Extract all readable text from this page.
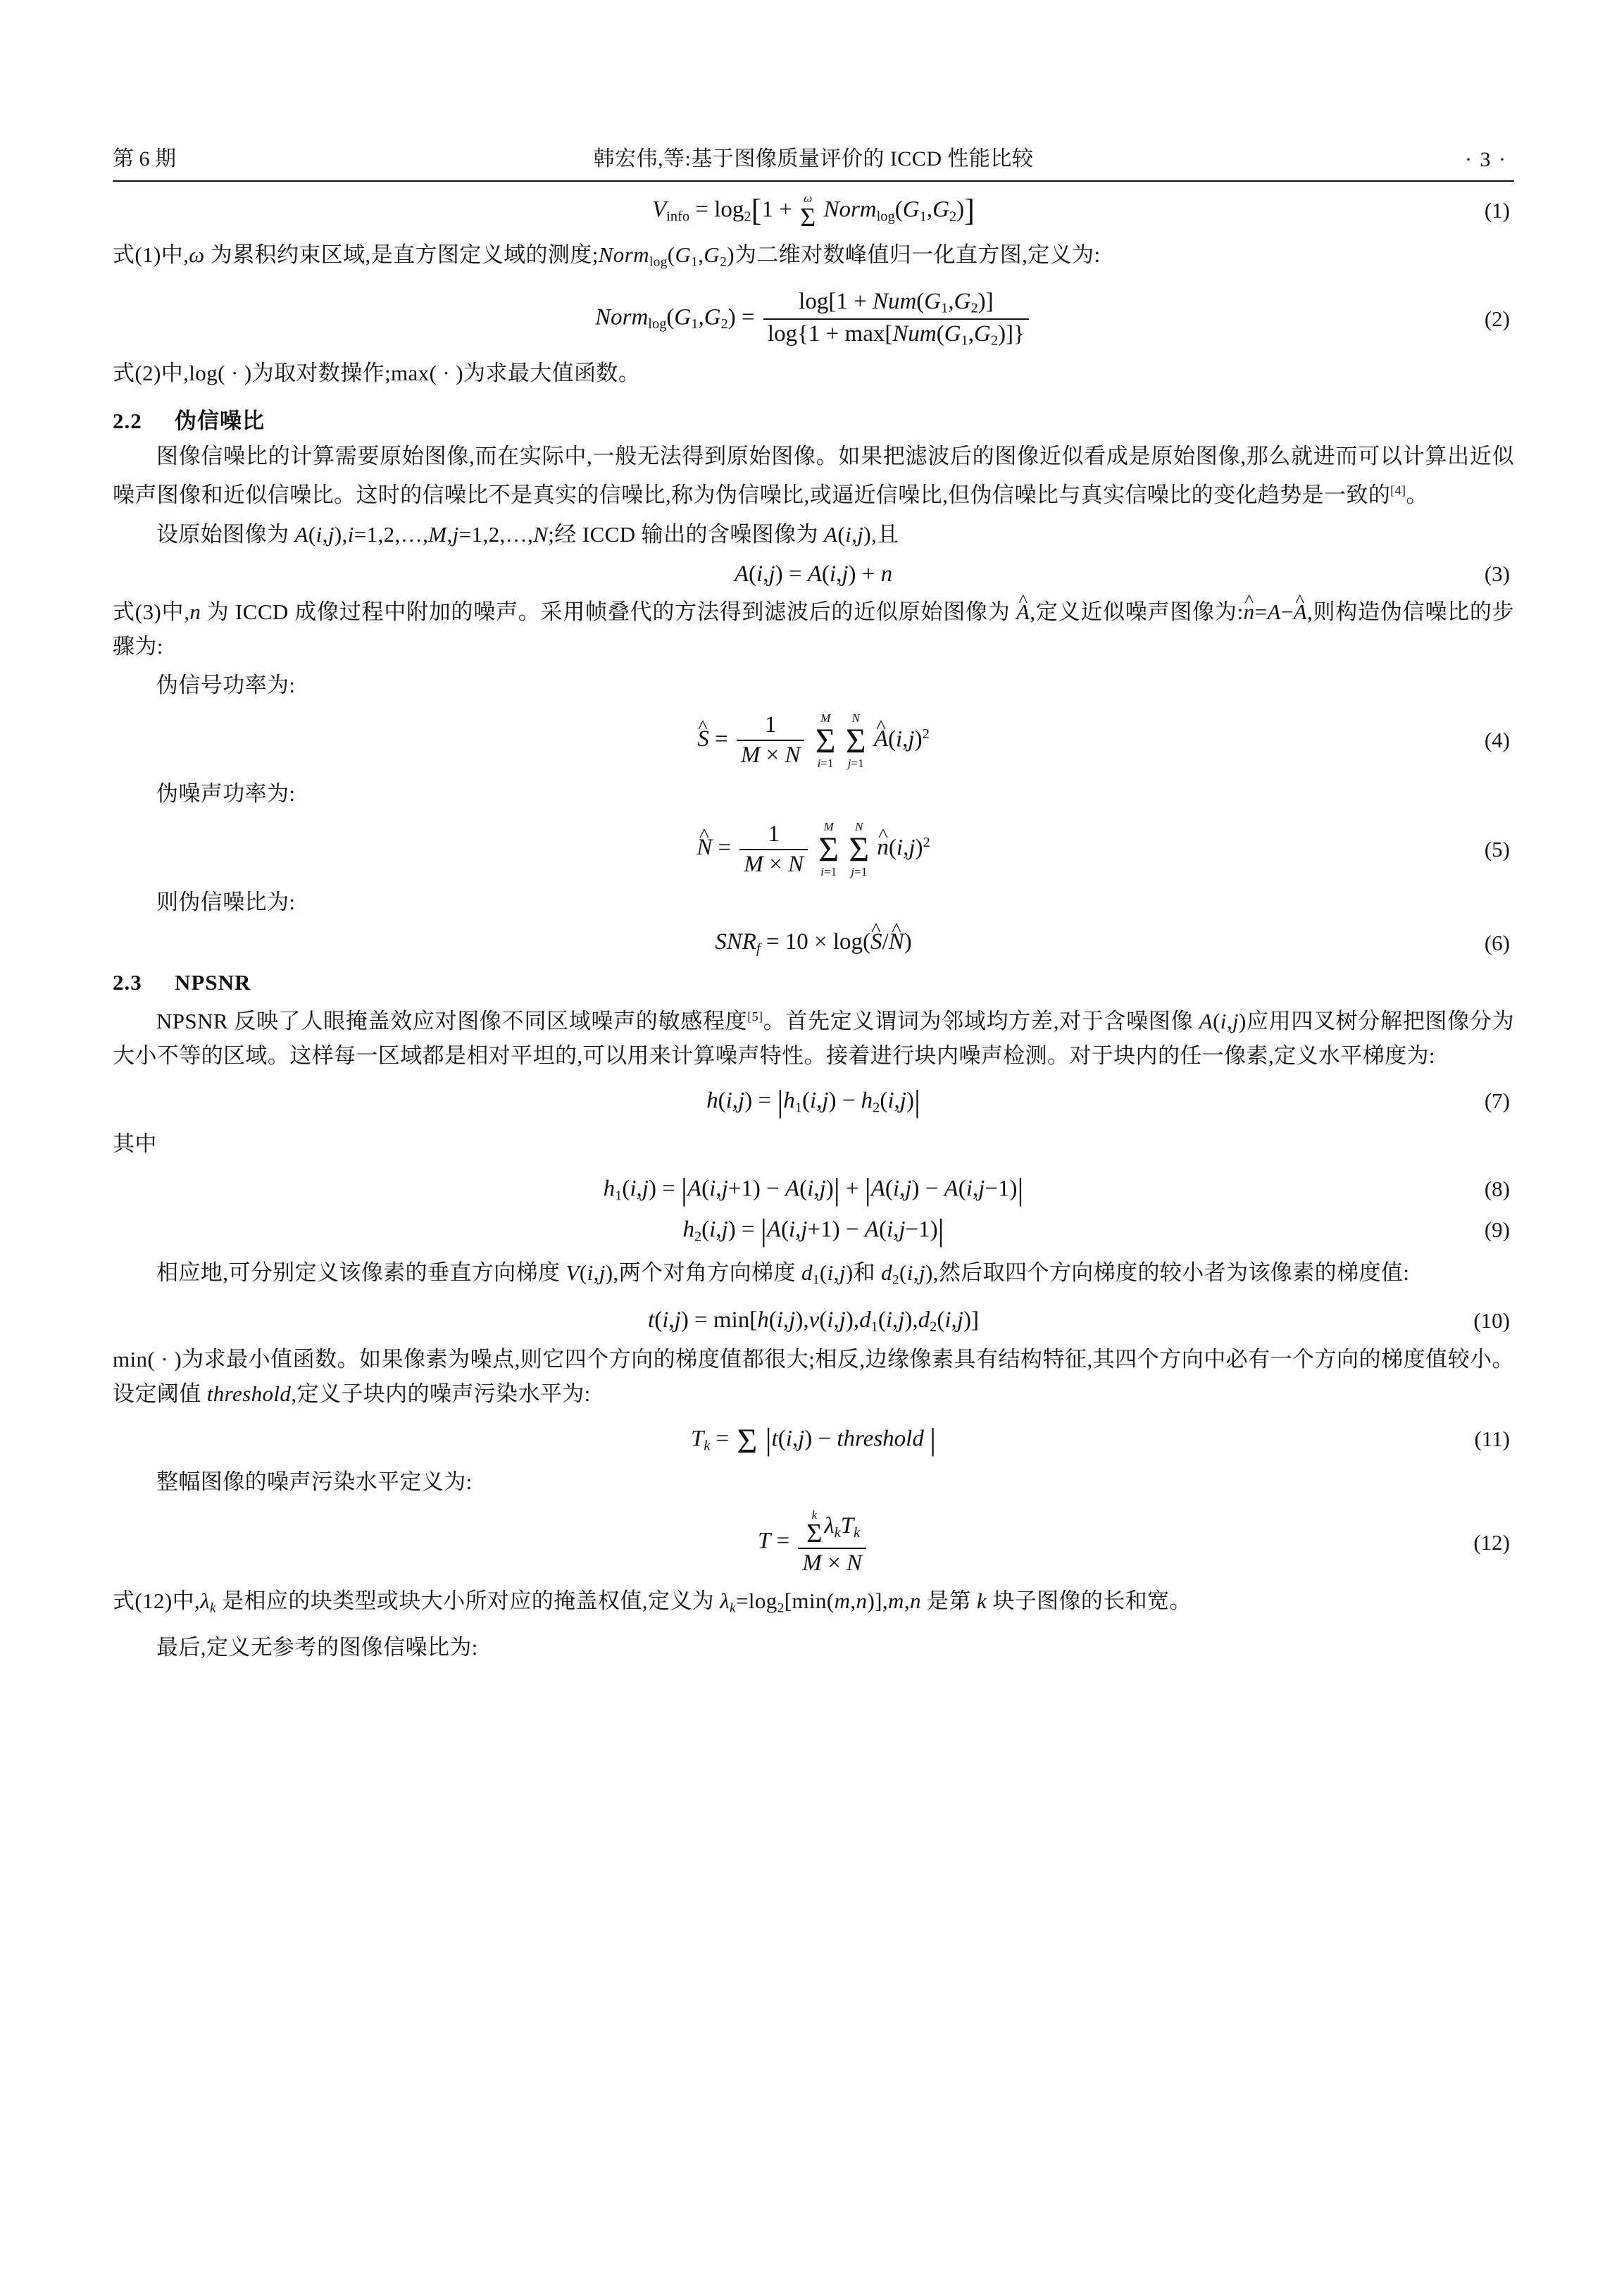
第 6 期	韩宏伟,等:基于图像质量评价的 ICCD 性能比较	· 3 ·
$V_{info} = \log_2[1 + \omega$
Σ $Norm_{log}(G_1,G_2)$]	(1)
式(1)中,ω 为累积约束区域,是直方图定义域的测度$;Norm_{log}(G_1,G_2)$为二维对数峰值归一化直方图,定义为:
$Norm_{log}(G_1,G_2) = \frac{\log[1 + Num(G_1,G_2)]}{\log\{1 + \max[Num(G_1,G_2)]\}}$	(2)
式(2)中,log( · )为取对数操作;max( · )为求最大值函数。
2.2 伪信噪比
图像信噪比的计算需要原始图像,而在实际中,一般无法得到原始图像。如果把滤波后的图像近似看成是原始图像,那么就进而可以计算出近似噪声图像和近似信噪比。这时的信噪比不是真实的信噪比,称为伪信噪比,或逼近信噪比,但伪信噪比与真实信噪比的变化趋势是一致的[4]。
设原始图像为 A(i,j),i=1,2,…,M,j=1,2,…,N;经 ICCD 输出的含噪图像为 A(i,j),且
A(i,j) = A(i,j) + n	(3)
式(3)中,n 为 ICCD 成像过程中附加的噪声。采用帧叠代的方法得到滤波后的近似原始图像为 A ^,定义近似噪声图像为:n ^=A−A ^,则构造伪信噪比的步骤为:
伪信号功率为:
S ^ = $\frac{1}{M \times N}$
	M
Σ
i=1

N
Σ
j=1
A $\^{}(i,j)^2$	(4)
伪噪声功率为:
N ^ = $\frac{1}{M \times N}$
	M
Σ
i=1

N
Σ
j=1
n $\^{}(i,j)^2$	(5)
则伪信噪比为:
$SNR_f = 10 \times \log(S$ ^/N ^)	(6)
2.3 NPSNR
NPSNR 反映了人眼掩盖效应对图像不同区域噪声的敏感程度[5]。首先定义谓词为邻域均方差,对于含噪图像 A(i,j)应用四叉树分解把图像分为大小不等的区域。这样每一区域都是相对平坦的,可以用来计算噪声特性。接着进行块内噪声检测。对于块内的任一像素,定义水平梯度为:
$h(i,j) = |h_1(i,j) - h_2(i,j)|$	(7)
其中
$h_1(i,j) = |A(i,j+1) - A(i,j)| + |A(i,j) - A(i,j-1)|$	(8)
$h_2(i,j) = |A(i,j+1) - A(i,j-1)|$	(9)
相应地,可分别定义该像素的垂直方向梯度 V(i,j),两个对角方向梯度 $d_1(i,j)$和 $d_2(i,j)$,然后取四个方向梯度的较小者为该像素的梯度值:
$t(i,j) = \min[h(i,j),v(i,j),d_1(i,j),d_2(i,j)]$	(10)
min( · )为求最小值函数。如果像素为噪点,则它四个方向的梯度值都很大;相反,边缘像素具有结构特征,其四个方向中必有一个方向的梯度值较小。设定阈值 threshold,定义子块内的噪声污染水平为:
$T_k = \Sigma$ |t(i,j) − threshold |	(11)
整幅图像的噪声污染水平定义为:
T = k
Σ $\lambda_kT_k$
M × N	(12)
式(12)中$,\lambda_k$ 是相应的块类型或块大小所对应的掩盖权值,定义为 $\lambda_k=\log_2[\min(m,n)],m,n$ 是第 k 块子图像的长和宽。
最后,定义无参考的图像信噪比为:
